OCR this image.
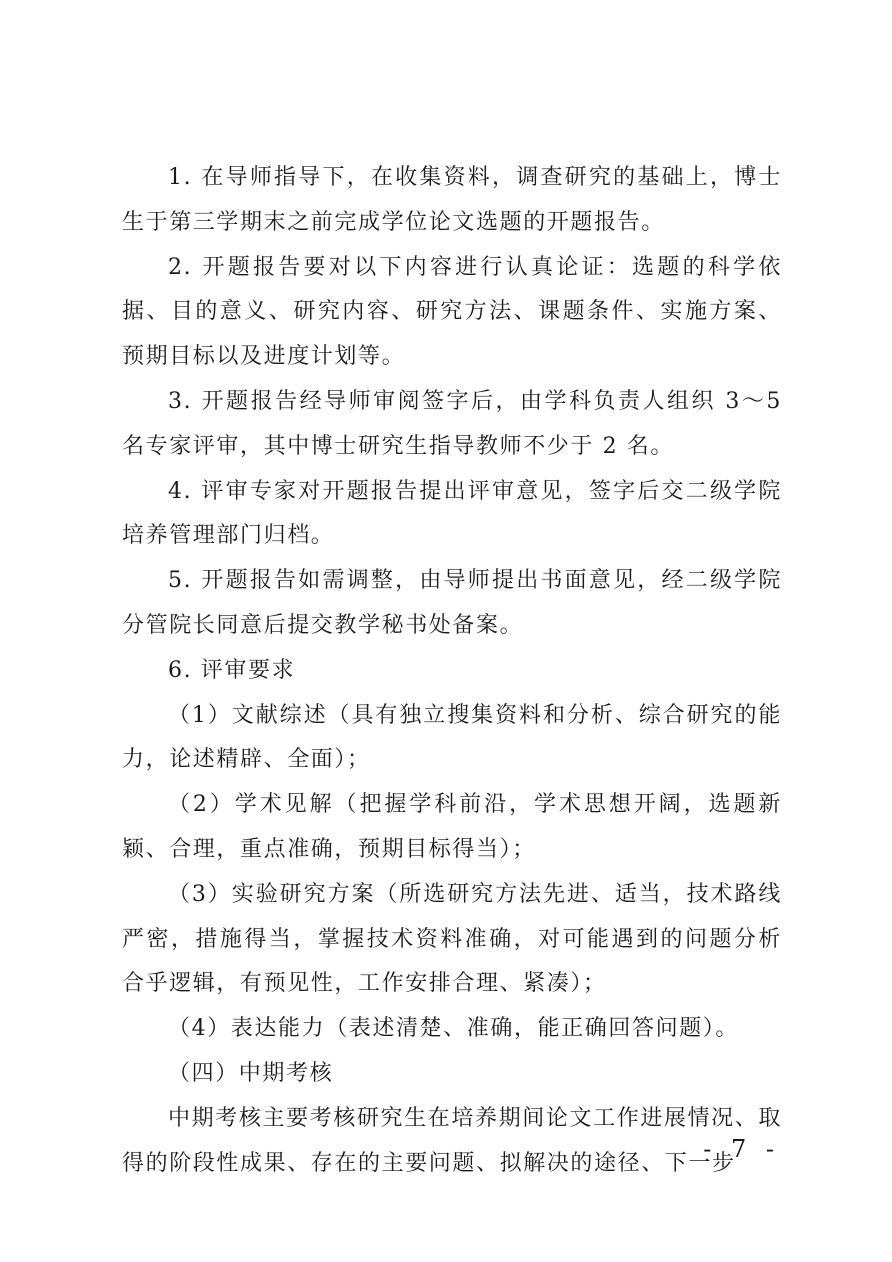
1. 在导师指导下，在收集资料，调查研究的基础上，博士生于第三学期末之前完成学位论文选题的开题报告。

2. 开题报告要对以下内容进行认真论证：选题的科学依据、目的意义、研究内容、研究方法、课题条件、实施方案、预期目标以及进度计划等。

3. 开题报告经导师审阅签字后，由学科负责人组织 3～5 名专家评审，其中博士研究生指导教师不少于 2 名。

4. 评审专家对开题报告提出评审意见，签字后交二级学院培养管理部门归档。

5. 开题报告如需调整，由导师提出书面意见，经二级学院分管院长同意后提交教学秘书处备案。

6. 评审要求

（1）文献综述（具有独立搜集资料和分析、综合研究的能力，论述精辟、全面）；

（2）学术见解（把握学科前沿，学术思想开阔，选题新颖、合理，重点准确，预期目标得当）；

（3）实验研究方案（所选研究方法先进、适当，技术路线严密，措施得当，掌握技术资料准确，对可能遇到的问题分析合乎逻辑，有预见性，工作安排合理、紧凑）；

（4）表达能力（表述清楚、准确，能正确回答问题）。

（四）中期考核

中期考核主要考核研究生在培养期间论文工作进展情况、取得的阶段性成果、存在的主要问题、拟解决的途径、下一步

- 7 -
